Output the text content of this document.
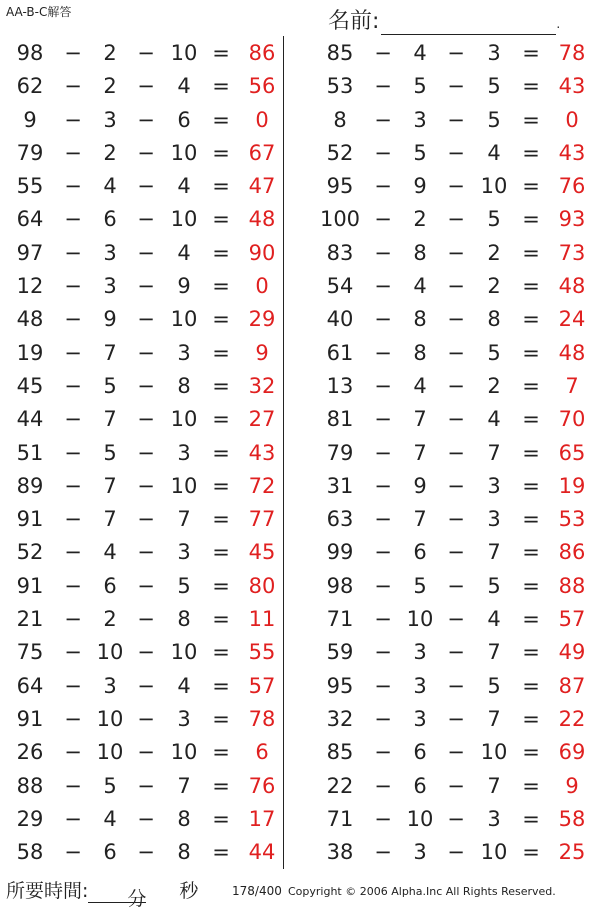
AA-B-C解答	名前:	.
98 −	2 − 10 = 86
62 −	2 −	4	= 56
9	−	3 −	6	=	0
79 −	2 − 10 = 67
55 −	4 −	4	= 47
64 −	6 − 10 = 48
97 −	3 −	4	= 90
12 −	3 −	9	=	0
48 −	9 − 10 = 29
19 −	7 −	3	=	9
45 −	5 −	8	= 32
44 −	7 − 10 = 27
51 −	5 −	3	= 43
89 −	7 − 10 = 72
91 −	7 −	7	= 77
52 −	4 −	3	= 45
91 −	6 −	5	= 80
21 −	2 −	8	= 11
75 − 10 − 10 = 55
64 −	3 −	4	= 57
91 − 10 −	3	= 78
26 − 10 − 10 =	6
88 −	5 −	7	= 76
29 −	4 −	8	= 17
58 −	6 −	8	= 44
85 −	4 −	3	= 78
53 −	5 −	5	= 43
8	−	3 −	5	=	0
52 −	5 −	4	= 43
95 −	9 − 10 = 76
100 −	2 −	5	= 93
83 −	8 −	2	= 73
54 −	4 −	2	= 48
40 −	8 −	8	= 24
61 −	8 −	5	= 48
13 −	4 −	2	=	7
81 −	7 −	4	= 70
79 −	7 −	7	= 65
31 −	9 −	3	= 19
63 −	7 −	3	= 53
99 −	6 −	7	= 86
98 −	5 −	5	= 88
71 − 10 −	4	= 57
59 −	3 −	7	= 49
95 −	3 −	5	= 87
32 −	3 −	7	= 22
85 −	6 − 10 = 69
22 −	6 −	7	=	9
71 − 10 −	3	= 58
38 −	3 − 10 = 25
所要時間: 分 秒	178/400 Copyright © 2006 Alpha.Inc All Rights Reserved.
